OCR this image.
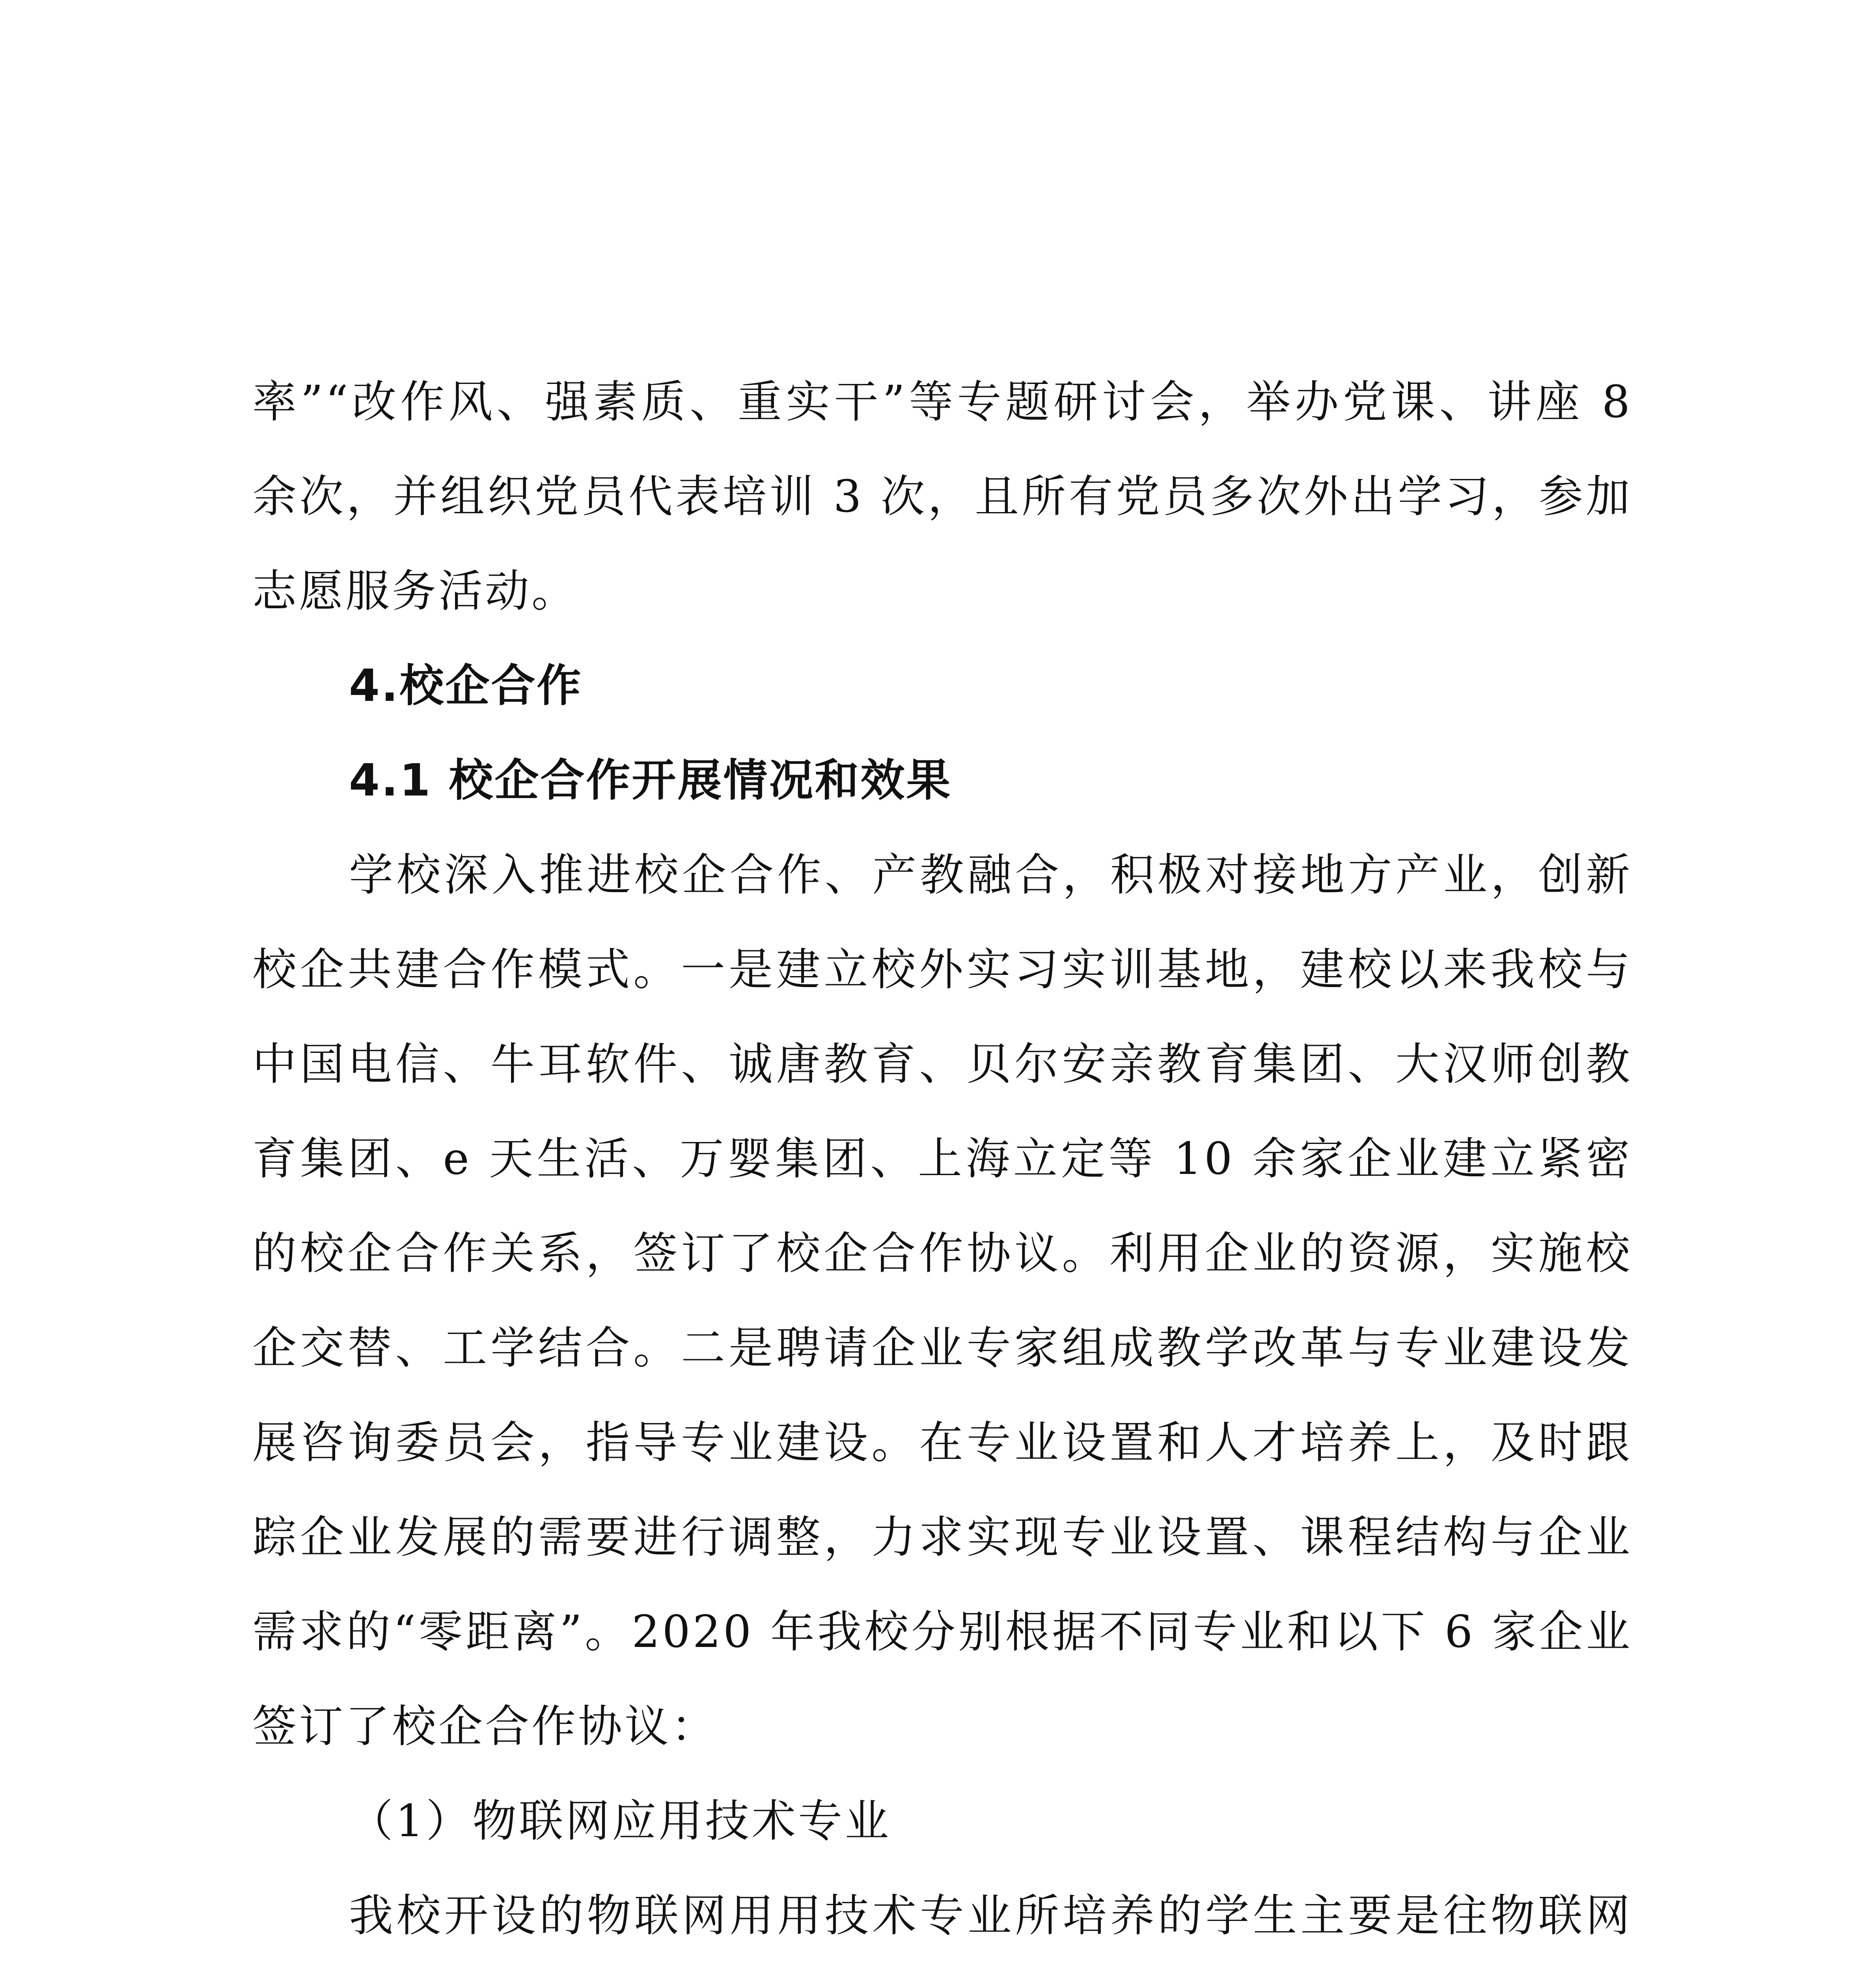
率”“改作风、强素质、重实干”等专题研讨会，举办党课、讲座 8 余次，并组织党员代表培训 3 次，且所有党员多次外出学习，参加志愿服务活动。

4.校企合作

4.1 校企合作开展情况和效果

学校深入推进校企合作、产教融合，积极对接地方产业，创新校企共建合作模式。一是建立校外实习实训基地，建校以来我校与中国电信、牛耳软件、诚唐教育、贝尔安亲教育集团、大汉师创教育集团、e 天生活、万婴集团、上海立定等 10 余家企业建立紧密的校企合作关系，签订了校企合作协议。利用企业的资源，实施校企交替、工学结合。二是聘请企业专家组成教学改革与专业建设发展咨询委员会，指导专业建设。在专业设置和人才培养上，及时跟踪企业发展的需要进行调整，力求实现专业设置、课程结构与企业需求的“零距离”。2020 年我校分别根据不同专业和以下 6 家企业签订了校企合作协议：

（1）物联网应用技术专业

我校开设的物联网用用技术专业所培养的学生主要是往物联网
